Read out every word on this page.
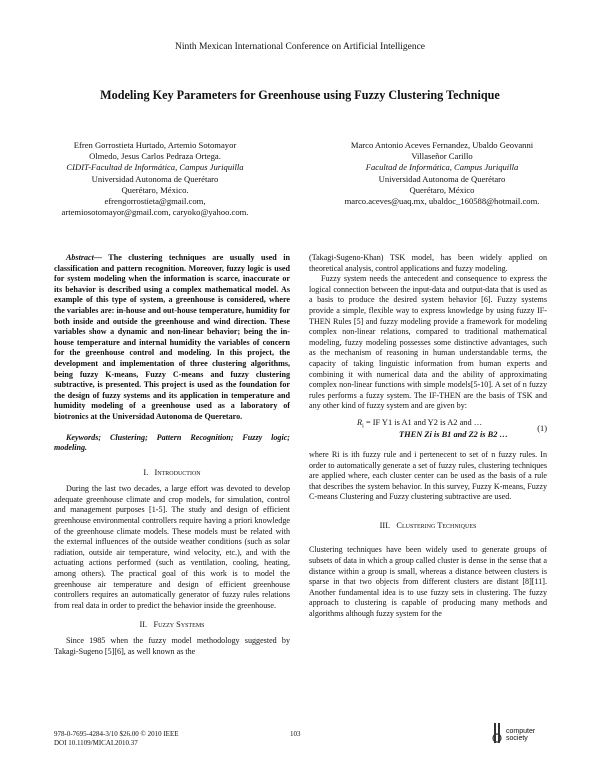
Ninth Mexican International Conference on Artificial Intelligence
Modeling Key Parameters for Greenhouse using Fuzzy Clustering Technique
Efren Gorrostieta Hurtado, Artemio Sotomayor
Olmedo, Jesus Carlos Pedraza Ortega.
CIDIT-Facultad de Informática, Campus Juriquilla
Universidad Autonoma de Querétaro
Querétaro, México.
efrengorrostieta@gmail.com,
artemiosotomayor@gmail.com, caryoko@yahoo.com.
Marco Antonio Aceves Fernandez, Ubaldo Geovanni
Villaseñor Carillo
Facultad de Informática, Campus Juriquilla
Universidad Autonoma de Querétaro
Querétaro, México
marco.aceves@uaq.mx, ubaldoc_160588@hotmail.com.

Abstract— The clustering techniques are usually used in classification and pattern recognition. Moreover, fuzzy logic is used for system modeling when the information is scarce, inaccurate or its behavior is described using a complex mathematical model. As example of this type of system, a greenhouse is considered, where the variables are: in-house and out-house temperature, humidity for both inside and outside the greenhouse and wind direction. These variables show a dynamic and non-linear behavior; being the in-house temperature and internal humidity the variables of concern for the greenhouse control and modeling. In this project, the development and implementation of three clustering algorithms, being fuzzy K-means, Fuzzy C-means and fuzzy clustering subtractive, is presented. This project is used as the foundation for the design of fuzzy systems and its application in temperature and humidity modeling of a greenhouse used as a laboratory of biotronics at the Universidad Autonoma de Queretaro.

Keywords; Clustering; Pattern Recognition; Fuzzy logic; modeling.

I. Introduction

During the last two decades, a large effort was devoted to develop adequate greenhouse climate and crop models, for simulation, control and management purposes [1-5]. The study and design of efficient greenhouse environmental controllers require having a priori knowledge of the greenhouse climate models. These models must be related with the external influences of the outside weather conditions (such as solar radiation, outside air temperature, wind velocity, etc.), and with the actuating actions performed (such as ventilation, cooling, heating, among others). The practical goal of this work is to model the greenhouse air temperature and design of efficient greenhouse controllers requires an automatically generator of fuzzy rules relations from real data in order to predict the behavior inside the greenhouse.

II. Fuzzy Systems

Since 1985 when the fuzzy model methodology suggested by Takagi-Sugeno [5][6], as well known as the

(Takagi-Sugeno-Khan) TSK model, has been widely applied on theoretical analysis, control applications and fuzzy modeling.

Fuzzy system needs the antecedent and consequence to express the logical connection between the input-data and output-data that is used as a basis to produce the desired system behavior [6]. Fuzzy systems provide a simple, flexible way to express knowledge by using fuzzy IF- THEN Rules [5] and fuzzy modeling provide a framework for modeling complex non-linear relations, compared to traditional mathematical modeling, fuzzy modeling possesses some distinctive advantages, such as the mechanism of reasoning in human understandable terms, the capacity of taking linguistic information from human experts and combining it with numerical data and the ability of approximating complex non-linear functions with simple models[5-10]. A set of n fuzzy rules performs a fuzzy system. The IF-THEN are the basis of TSK and any other kind of fuzzy system and are given by:

$R_i$ = IF Y1 is A1 and Y2 is A2 and …
THEN Zi is B1 and Z2 is B2 …
(1)

where Ri is ith fuzzy rule and i pertenecent to set of n fuzzy rules. In order to automatically generate a set of fuzzy rules, clustering techniques are applied where, each cluster center can be used as the basis of a rule that describes the system behavior. In this survey, Fuzzy K-means, Fuzzy C-means Clustering and Fuzzy clustering subtractive are used.

III. Clustering Techniques

Clustering techniques have been widely used to generate groups of subsets of data in which a group called cluster is dense in the sense that a distance within a group is small, whereas a distance between clusters is sparse in that two objects from different clusters are distant [8][11]. Another fundamental idea is to use fuzzy sets in clustering. The fuzzy approach to clustering is capable of producing many methods and algorithms although fuzzy system for the

978-0-7695-4284-3/10 $26.00 © 2010 IEEE
DOI 10.1109/MICAI.2010.37
103	computer
society
